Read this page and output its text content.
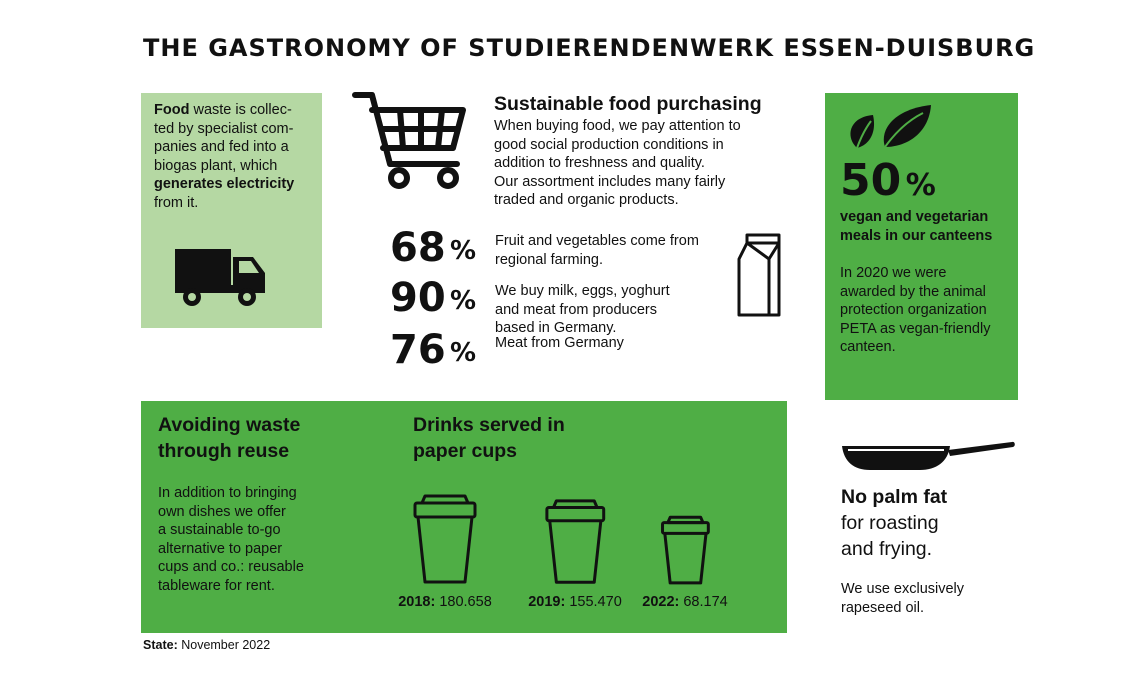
THE GASTRONOMY OF STUDIERENDENWERK ESSEN-DUISBURG
Food waste is collec-
ted by specialist com-
panies and fed into a
biogas plant, which
generates electricity
from it.
Sustainable food purchasing
When buying food, we pay attention to
good social production conditions in
addition to freshness and quality.
Our assortment includes many fairly
traded and organic products.
68 % Fruit and vegetables come from
regional farming.
90 % We buy milk, eggs, yoghurt
and meat from producers
based in Germany.
76 % Meat from Germany
50 %
vegan and vegetarian
meals in our canteens
In 2020 we were
awarded by the animal
protection organization
PETA as vegan-friendly
canteen.
Avoiding waste
through reuse
In addition to bringing
own dishes we offer
a sustainable to-go
alternative to paper
cups and co.: reusable
tableware for rent.
Drinks served in
paper cups
2018: 180.658	2019: 155.470	2022: 68.174
No palm fat
for roasting
and frying.
We use exclusively
rapeseed oil.
State: November 2022
